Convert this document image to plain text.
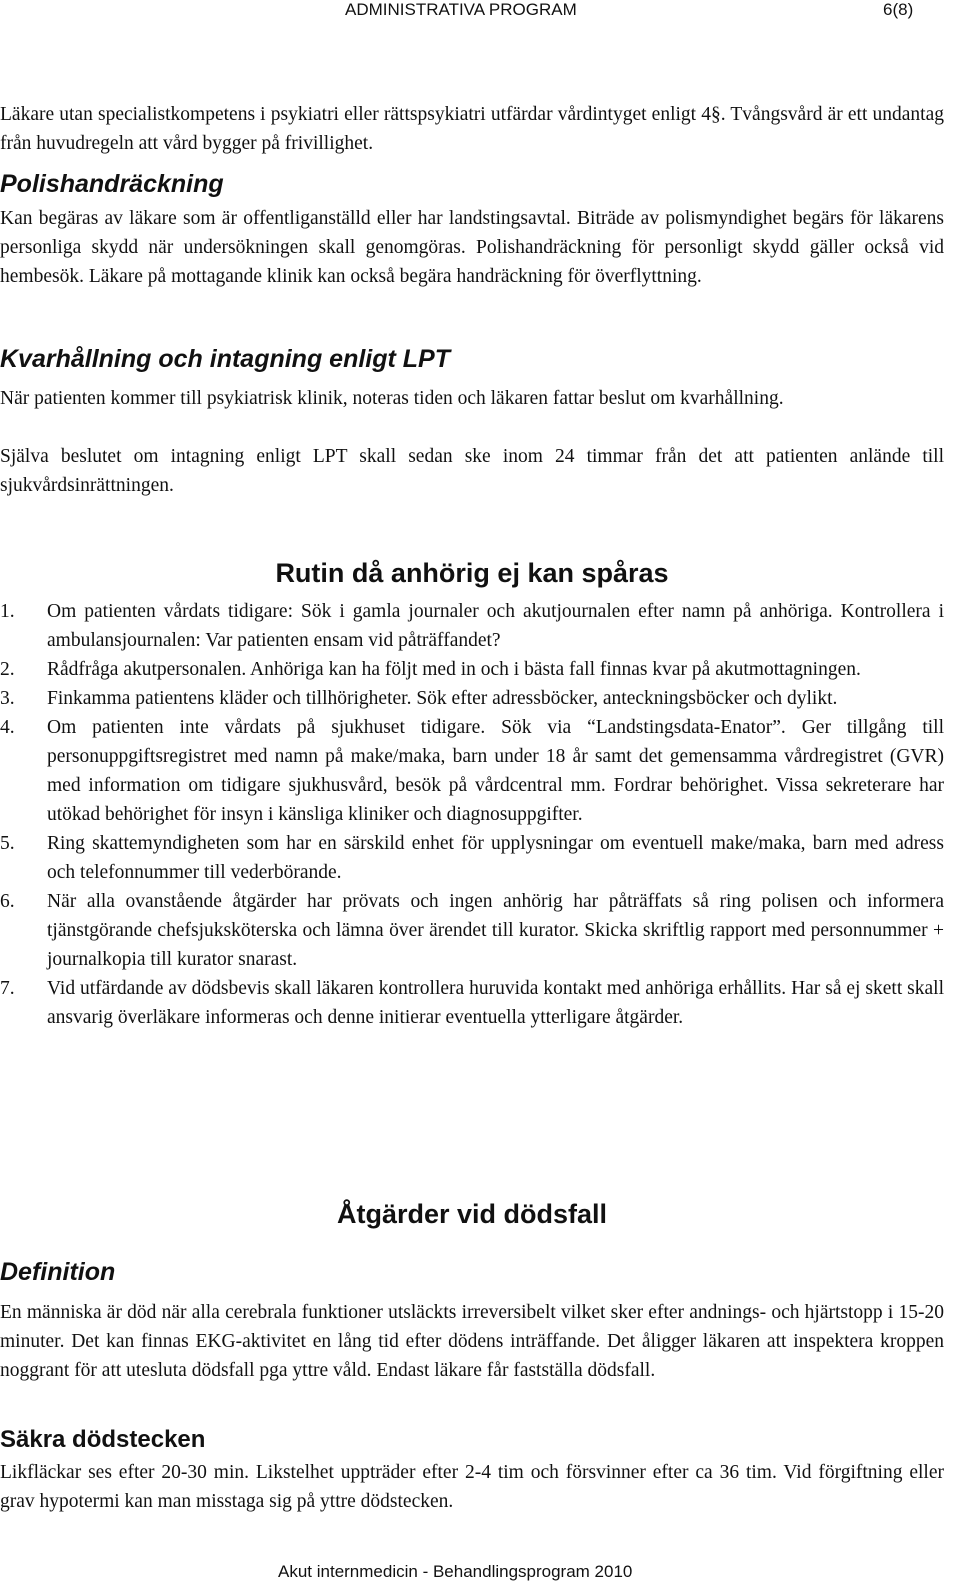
ADMINISTRATIVA PROGRAM	6(8)

Läkare utan specialistkompetens i psykiatri eller rättspsykiatri utfärdar vårdintyget enligt 4§. Tvångsvård är ett undantag från huvudregeln att vård bygger på frivillighet.

Polishandräckning

Kan begäras av läkare som är offentliganställd eller har landstingsavtal. Biträde av polismyndighet begärs för läkarens personliga skydd när undersökningen skall genomgöras. Polishandräckning för personligt skydd gäller också vid hembesök. Läkare på mottagande klinik kan också begära handräckning för överflyttning.

Kvarhållning och intagning enligt LPT

När patienten kommer till psykiatrisk klinik, noteras tiden och läkaren fattar beslut om kvarhållning.

Själva beslutet om intagning enligt LPT skall sedan ske inom 24 timmar från det att patienten anlände till sjukvårdsinrättningen.

Rutin då anhörig ej kan spåras
1. Om patienten vårdats tidigare: Sök i gamla journaler och akutjournalen efter namn på anhöriga. Kontrollera i ambulansjournalen: Var patienten ensam vid påträffandet?
2. Rådfråga akutpersonalen. Anhöriga kan ha följt med in och i bästa fall finnas kvar på akutmottagningen.
3. Finkamma patientens kläder och tillhörigheter. Sök efter adressböcker, anteckningsböcker och dylikt.
4. Om patienten inte vårdats på sjukhuset tidigare. Sök via “Landstingsdata-Enator”. Ger tillgång till personuppgiftsregistret med namn på make/maka, barn under 18 år samt det gemensamma vårdregistret (GVR) med information om tidigare sjukhusvård, besök på vårdcentral mm. Fordrar behörighet. Vissa sekreterare har utökad behörighet för insyn i känsliga kliniker och diagnosuppgifter.
5. Ring skattemyndigheten som har en särskild enhet för upplysningar om eventuell make/maka, barn med adress och telefonnummer till vederbörande.
6. När alla ovanstående åtgärder har prövats och ingen anhörig har påträffats så ring polisen och informera tjänstgörande chefsjuksköterska och lämna över ärendet till kurator. Skicka skriftlig rapport med personnummer + journalkopia till kurator snarast.
7. Vid utfärdande av dödsbevis skall läkaren kontrollera huruvida kontakt med anhöriga erhållits. Har så ej skett skall ansvarig överläkare informeras och denne initierar eventuella ytterligare åtgärder.
Åtgärder vid dödsfall
Definition

En människa är död när alla cerebrala funktioner utsläckts irreversibelt vilket sker efter andnings- och hjärtstopp i 15-20 minuter. Det kan finnas EKG-aktivitet en lång tid efter dödens inträffande. Det åligger läkaren att inspektera kroppen noggrant för att utesluta dödsfall pga yttre våld. Endast läkare får fastställa dödsfall.

Säkra dödstecken

Likfläckar ses efter 20-30 min. Likstelhet uppträder efter 2-4 tim och försvinner efter ca 36 tim. Vid förgiftning eller grav hypotermi kan man misstaga sig på yttre dödstecken.

Akut internmedicin - Behandlingsprogram 2010
